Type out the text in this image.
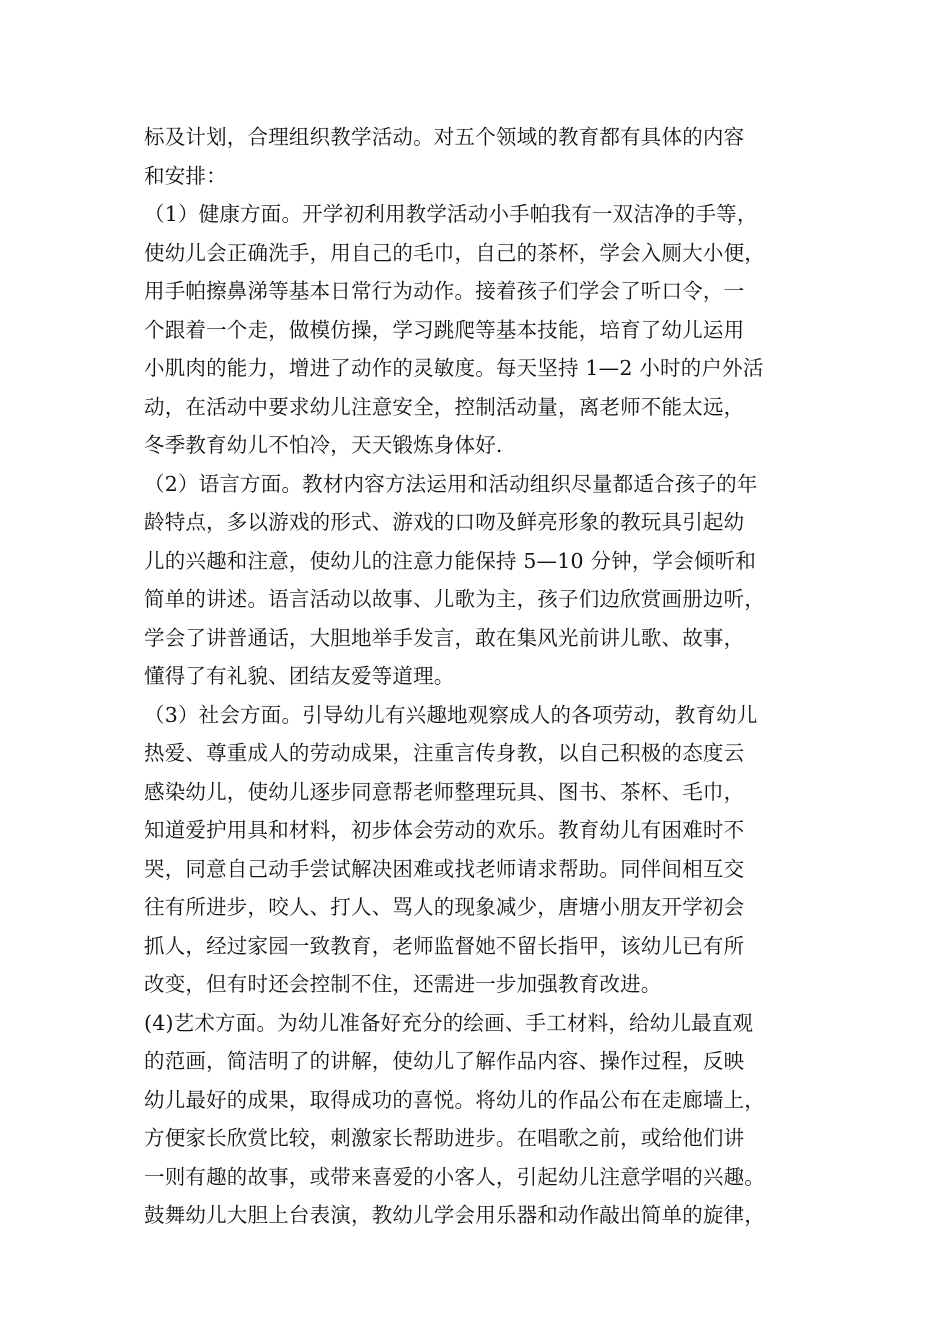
标及计划，合理组织教学活动。对五个领域的教育都有具体的内容
和安排：
（1）健康方面。开学初利用教学活动小手帕我有一双洁净的手等，
使幼儿会正确洗手，用自己的毛巾，自己的茶杯，学会入厕大小便，
用手帕擦鼻涕等基本日常行为动作。接着孩子们学会了听口令，一
个跟着一个走，做模仿操，学习跳爬等基本技能，培育了幼儿运用
小肌肉的能力，增进了动作的灵敏度。每天坚持 1—2 小时的户外活
动，在活动中要求幼儿注意安全，控制活动量，离老师不能太远，
冬季教育幼儿不怕冷，天天锻炼身体好.
（2）语言方面。教材内容方法运用和活动组织尽量都适合孩子的年
龄特点，多以游戏的形式、游戏的口吻及鲜亮形象的教玩具引起幼
儿的兴趣和注意，使幼儿的注意力能保持 5—10 分钟，学会倾听和
简单的讲述。语言活动以故事、儿歌为主，孩子们边欣赏画册边听，
学会了讲普通话，大胆地举手发言，敢在集风光前讲儿歌、故事，
懂得了有礼貌、团结友爱等道理。
（3）社会方面。引导幼儿有兴趣地观察成人的各项劳动，教育幼儿
热爱、尊重成人的劳动成果，注重言传身教，以自己积极的态度云
感染幼儿，使幼儿逐步同意帮老师整理玩具、图书、茶杯、毛巾，
知道爱护用具和材料，初步体会劳动的欢乐。教育幼儿有困难时不
哭，同意自己动手尝试解决困难或找老师请求帮助。同伴间相互交
往有所进步，咬人、打人、骂人的现象减少，唐塘小朋友开学初会
抓人，经过家园一致教育，老师监督她不留长指甲，该幼儿已有所
改变，但有时还会控制不住，还需进一步加强教育改进。
(4)艺术方面。为幼儿准备好充分的绘画、手工材料，给幼儿最直观
的范画，简洁明了的讲解，使幼儿了解作品内容、操作过程，反映
幼儿最好的成果，取得成功的喜悦。将幼儿的作品公布在走廊墙上，
方便家长欣赏比较，刺激家长帮助进步。在唱歌之前，或给他们讲
一则有趣的故事，或带来喜爱的小客人，引起幼儿注意学唱的兴趣。
鼓舞幼儿大胆上台表演，教幼儿学会用乐器和动作敲出简单的旋律，
